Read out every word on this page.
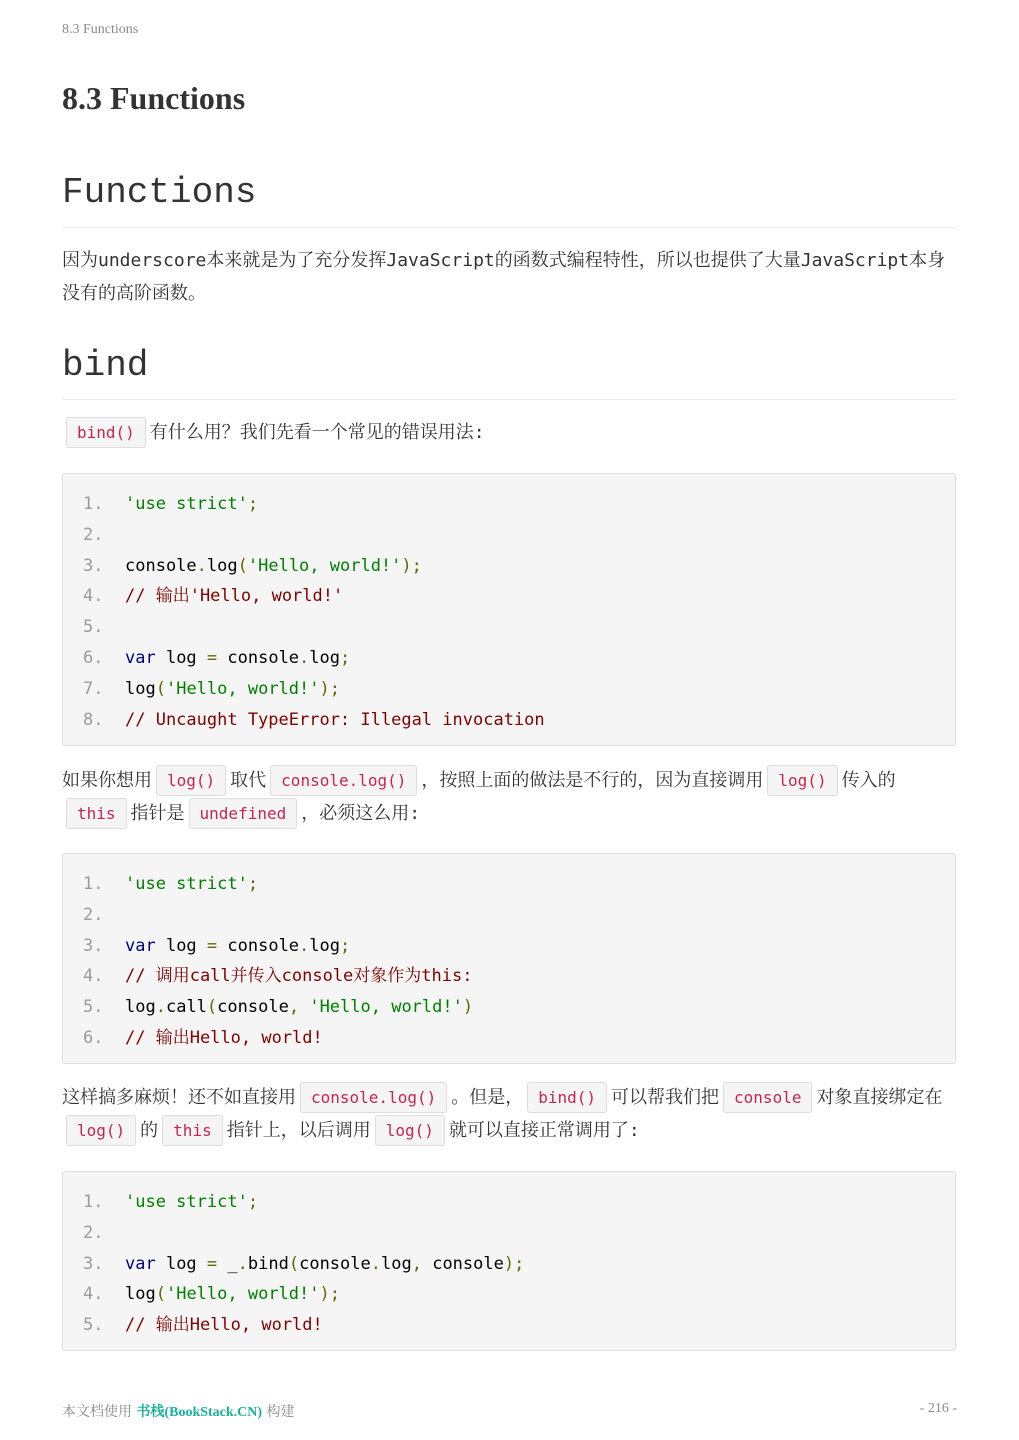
8.3 Functions
8.3 Functions
Functions

因为underscore本来就是为了充分发挥JavaScript的函数式编程特性，所以也提供了大量JavaScript本身没有的高阶函数。

bind

bind() 有什么用？我们先看一个常见的错误用法:

1.	'use strict';
2.
3.	console.log('Hello, world!');
4.	// 输出'Hello, world!'
5.
6.	var log = console.log;
7.	log('Hello, world!');
8.	// Uncaught TypeError: Illegal invocation

如果你想用 log() 取代 console.log() ，按照上面的做法是不行的，因为直接调用 log() 传入的this 指针是 undefined ，必须这么用:

1.	'use strict';
2.
3.	var log = console.log;
4.	// 调用call并传入console对象作为this:
5.	log.call(console, 'Hello, world!')
6.	// 输出Hello, world!

这样搞多麻烦！还不如直接用 console.log() 。但是， bind() 可以帮我们把 console 对象直接绑定在log() 的 this 指针上，以后调用 log() 就可以直接正常调用了:

1.	'use strict';
2.
3.	var log = _.bind(console.log, console);
4.	log('Hello, world!');
5.	// 输出Hello, world!
本文档使用 书栈(BookStack.CN) 构建	- 216 -
